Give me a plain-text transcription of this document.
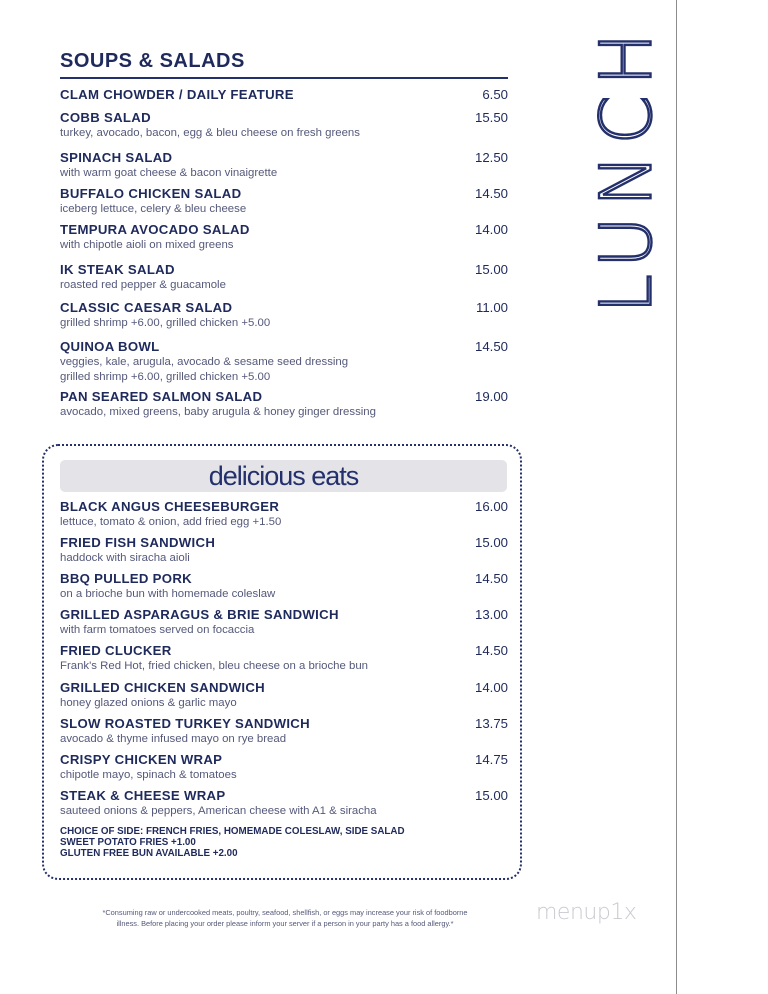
LUNCH
SOUPS & SALADS
CLAM CHOWDER / DAILY FEATURE	6.50
COBB SALAD	15.50
turkey, avocado, bacon, egg & bleu cheese on fresh greens
SPINACH SALAD	12.50
with warm goat cheese & bacon vinaigrette
BUFFALO CHICKEN SALAD	14.50
iceberg lettuce, celery & bleu cheese
TEMPURA AVOCADO SALAD	14.00
with chipotle aioli on mixed greens
IK STEAK SALAD	15.00
roasted red pepper & guacamole
CLASSIC CAESAR SALAD	11.00
grilled shrimp +6.00, grilled chicken +5.00
QUINOA BOWL	14.50
veggies, kale, arugula, avocado & sesame seed dressing
grilled shrimp +6.00, grilled chicken +5.00
PAN SEARED SALMON SALAD	19.00
avocado, mixed greens, baby arugula & honey ginger dressing
delicious eats
BLACK ANGUS CHEESEBURGER	16.00
lettuce, tomato & onion, add fried egg +1.50
FRIED FISH SANDWICH	15.00
haddock with siracha aioli
BBQ PULLED PORK	14.50
on a brioche bun with homemade coleslaw
GRILLED ASPARAGUS & BRIE SANDWICH	13.00
with farm tomatoes served on focaccia
FRIED CLUCKER	14.50
Frank's Red Hot, fried chicken, bleu cheese on a brioche bun
GRILLED CHICKEN SANDWICH	14.00
honey glazed onions & garlic mayo
SLOW ROASTED TURKEY SANDWICH	13.75
avocado & thyme infused mayo on rye bread
CRISPY CHICKEN WRAP	14.75
chipotle mayo, spinach & tomatoes
STEAK & CHEESE WRAP	15.00
sauteed onions & peppers, American cheese with A1 & siracha
CHOICE OF SIDE: FRENCH FRIES, HOMEMADE COLESLAW, SIDE SALAD
SWEET POTATO FRIES +1.00
GLUTEN FREE BUN AVAILABLE +2.00
*Consuming raw or undercooked meats, poultry, seafood, shellfish, or eggs may increase your risk of foodborne
illness. Before placing your order please inform your server if a person in your party has a food allergy.*	menup1x
